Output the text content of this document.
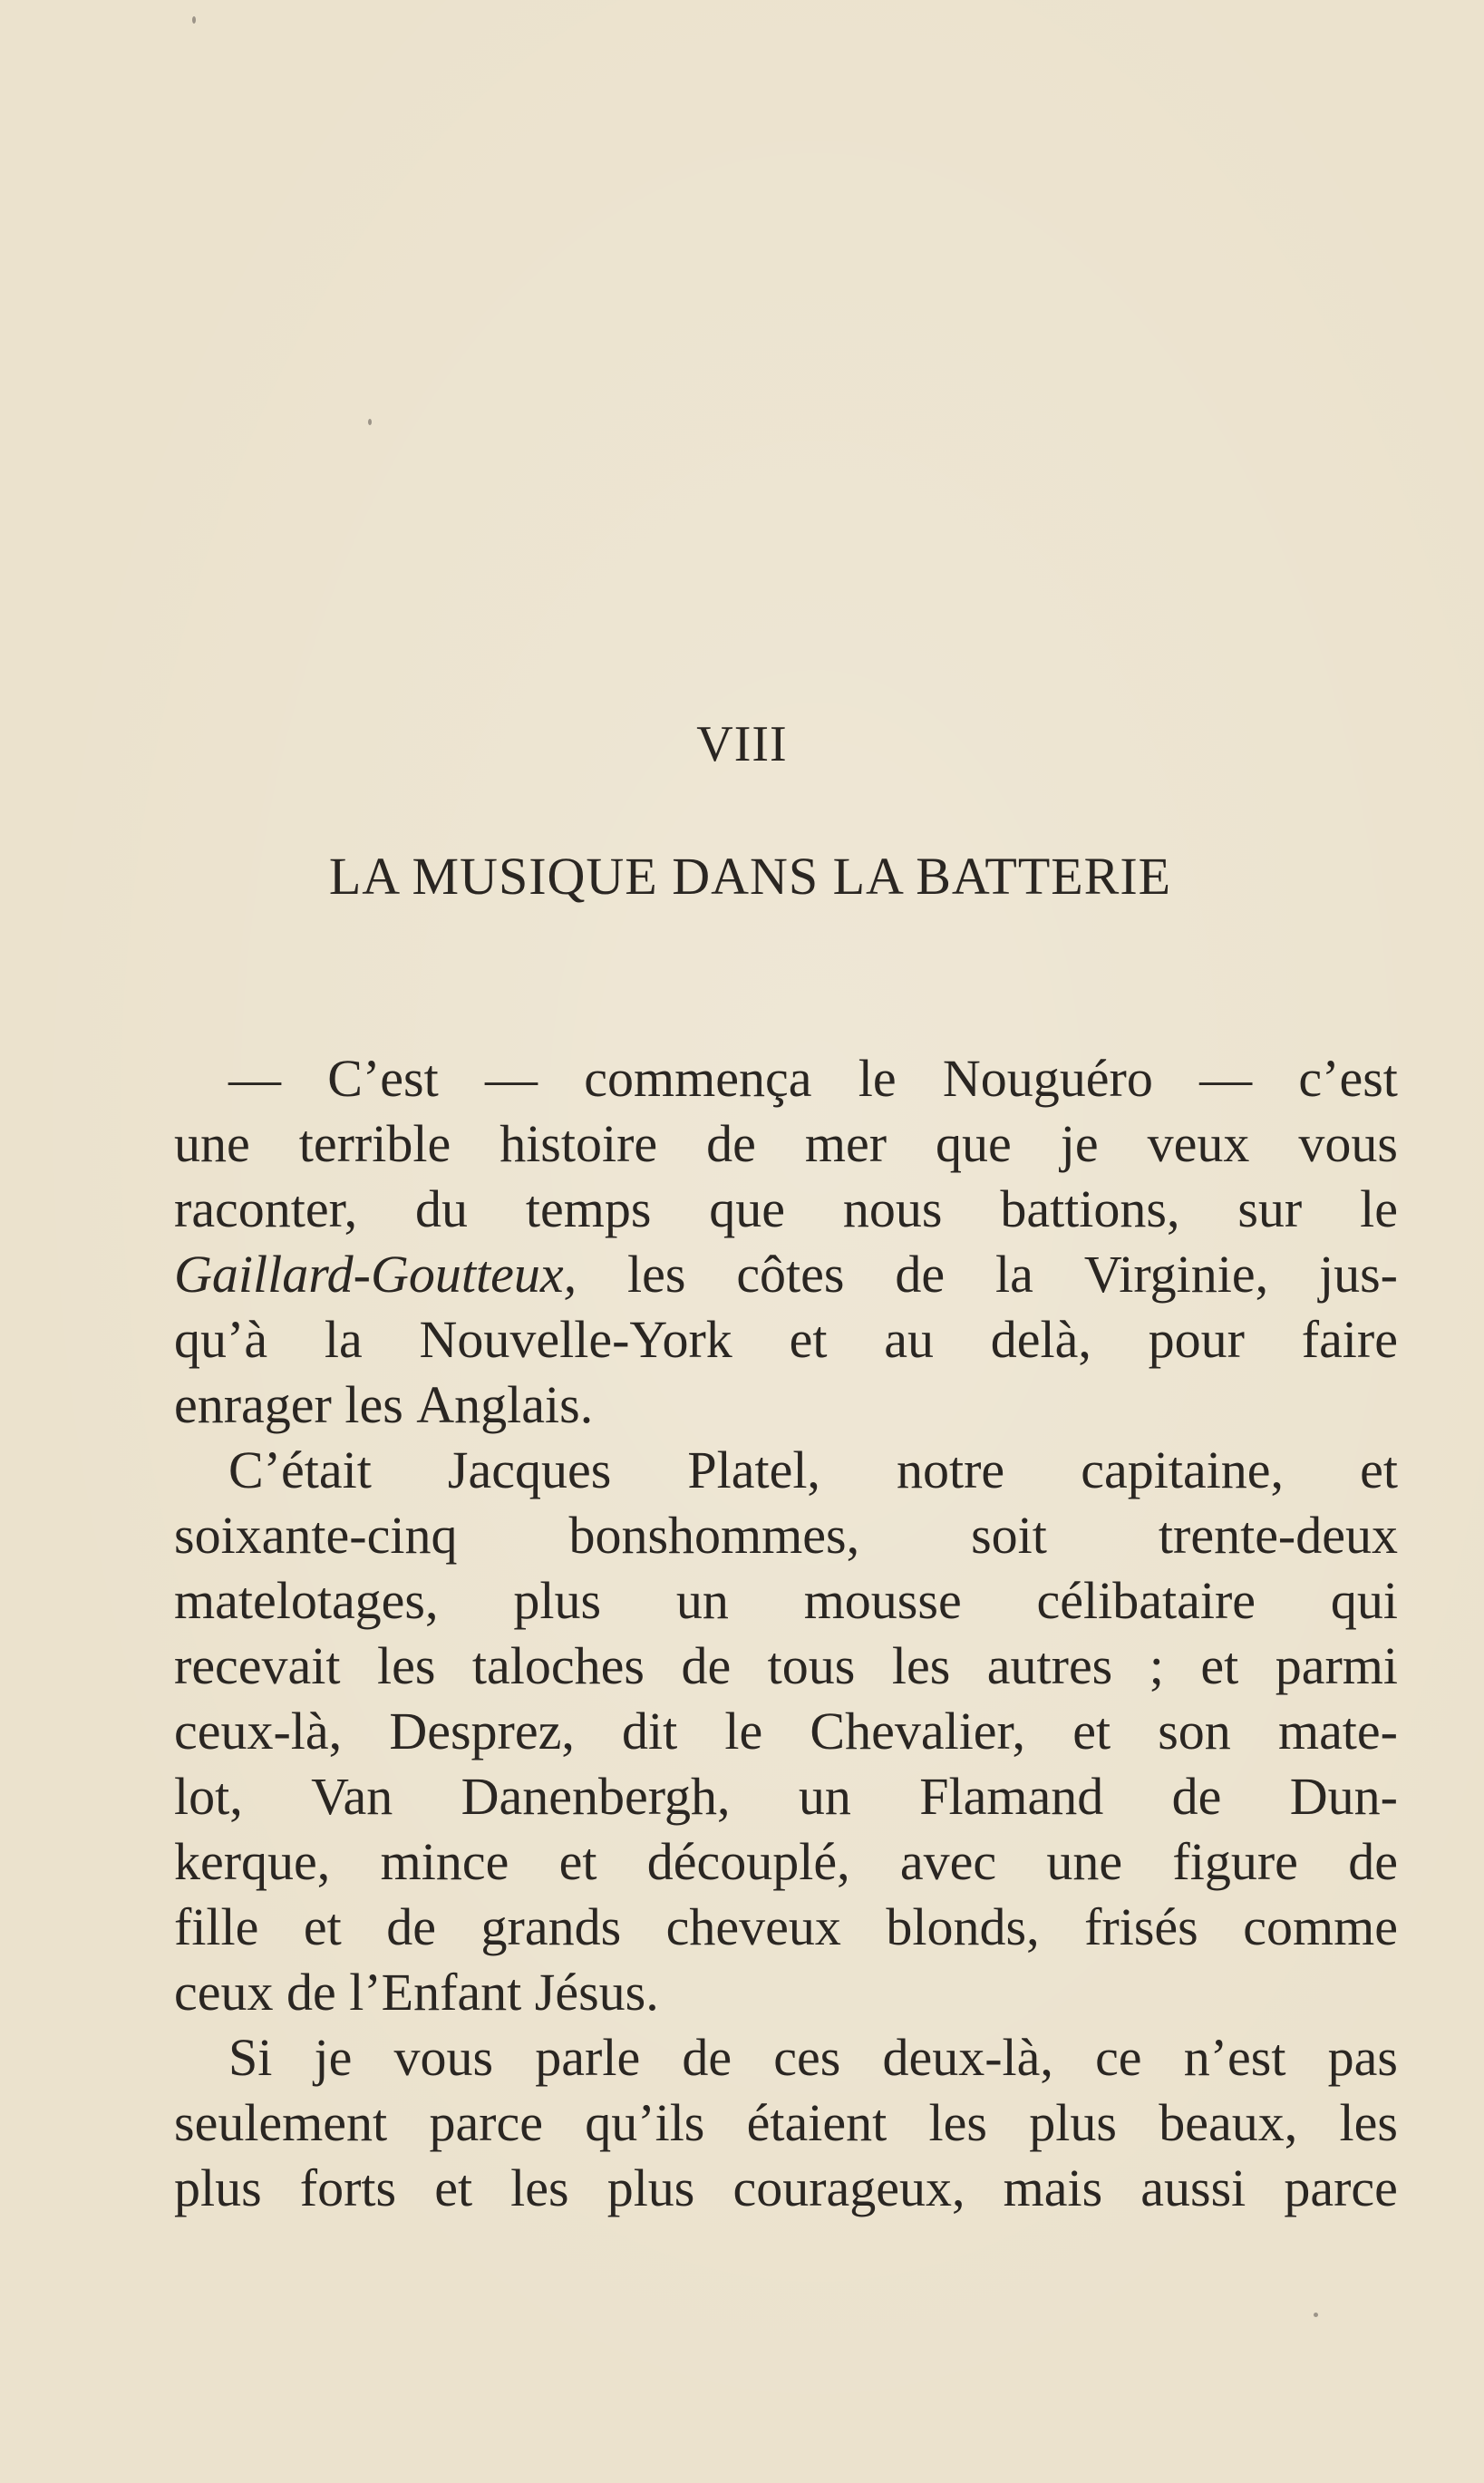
VIII
LA MUSIQUE DANS LA BATTERIE
— C’est — commença le Nouguéro — c’est
une terrible histoire de mer que je veux vous
raconter, du temps que nous battions, sur le
Gaillard-Goutteux, les côtes de la Virginie, jus-
qu’à la Nouvelle-York et au delà, pour faire
enrager les Anglais.
C’était Jacques Platel, notre capitaine, et
soixante-cinq bonshommes, soit trente-deux
matelotages, plus un mousse célibataire qui
recevait les taloches de tous les autres ; et parmi
ceux-là, Desprez, dit le Chevalier, et son mate-
lot, Van Danenbergh, un Flamand de Dun-
kerque, mince et découplé, avec une figure de
fille et de grands cheveux blonds, frisés comme
ceux de l’Enfant Jésus.
Si je vous parle de ces deux-là, ce n’est pas
seulement parce qu’ils étaient les plus beaux, les
plus forts et les plus courageux, mais aussi parce
